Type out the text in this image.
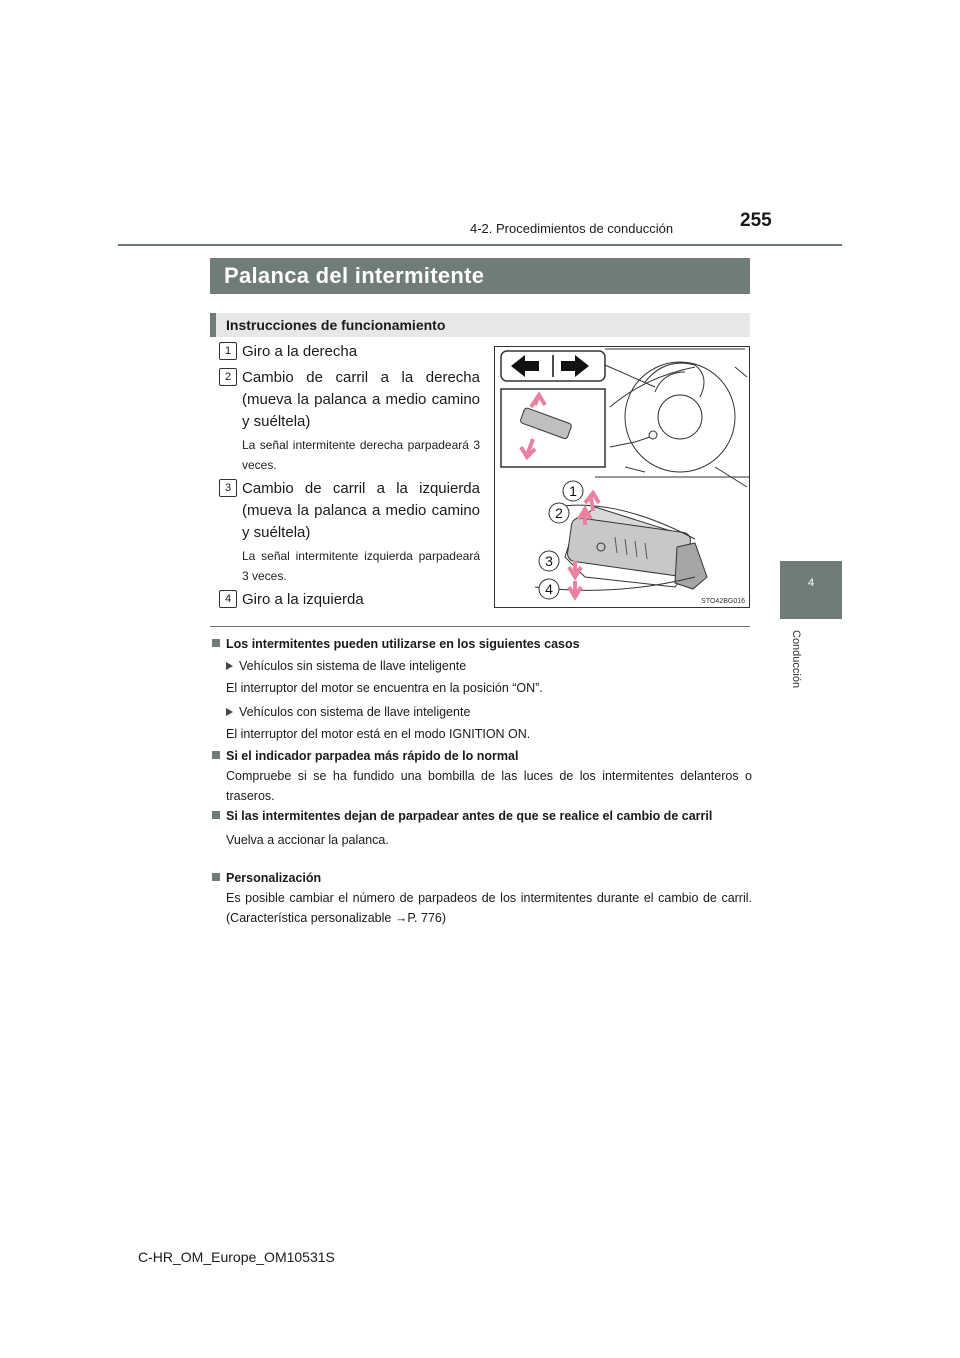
4-2. Procedimientos de conducción	255
4
Conducción
Palanca del intermitente
Instrucciones de funcionamiento
1 Giro a la derecha
2 Cambio de carril a la derecha (mueva la palanca a medio camino y suéltela)
La señal intermitente derecha parpadeará 3 veces.
3 Cambio de carril a la izquierda (mueva la palanca a medio camino y suéltela)
La señal intermitente izquierda parpadeará 3 veces.
4 Giro a la izquierda
1
2
3
4
STO42BG016
Los intermitentes pueden utilizarse en los siguientes casos
Vehículos sin sistema de llave inteligente
El interruptor del motor se encuentra en la posición “ON”.
Vehículos con sistema de llave inteligente
El interruptor del motor está en el modo IGNITION ON.
Si el indicador parpadea más rápido de lo normal
Compruebe si se ha fundido una bombilla de las luces de los intermitentes delanteros o traseros.
Si las intermitentes dejan de parpadear antes de que se realice el cambio de carril
Vuelva a accionar la palanca.
Personalización
Es posible cambiar el número de parpadeos de los intermitentes durante el cambio de carril. (Característica personalizable →P. 776)
C-HR_OM_Europe_OM10531S
